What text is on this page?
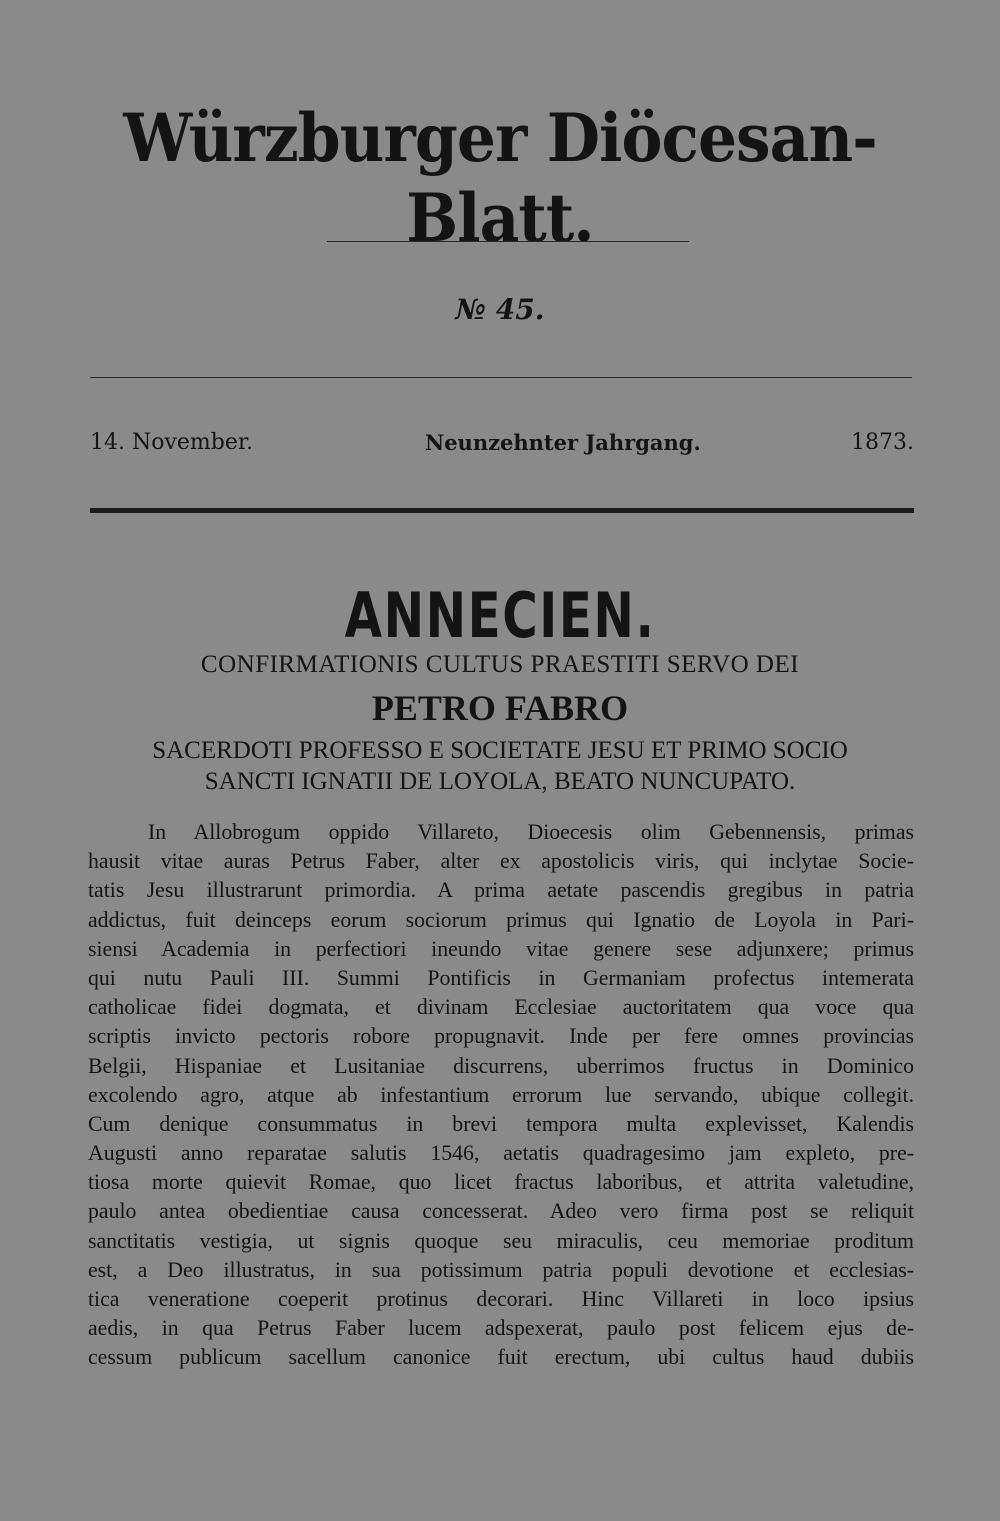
Würzburger Diöcesan-Blatt.
№ 45.
14. November.	Neunzehnter Jahrgang.	1873.
ANNECIEN.
CONFIRMATIONIS CULTUS PRAESTITI SERVO DEI
PETRO FABRO
SACERDOTI PROFESSO E SOCIETATE JESU ET PRIMO SOCIO
SANCTI IGNATII DE LOYOLA, BEATO NUNCUPATO.
In Allobrogum oppido Villareto, Dioecesis olim Gebennensis, primas
hausit vitae auras Petrus Faber, alter ex apostolicis viris, qui inclytae Socie-
tatis Jesu illustrarunt primordia. A prima aetate pascendis gregibus in patria
addictus, fuit deinceps eorum sociorum primus qui Ignatio de Loyola in Pari-
siensi Academia in perfectiori ineundo vitae genere sese adjunxere; primus
qui nutu Pauli III. Summi Pontificis in Germaniam profectus intemerata
catholicae fidei dogmata, et divinam Ecclesiae auctoritatem qua voce qua
scriptis invicto pectoris robore propugnavit. Inde per fere omnes provincias
Belgii, Hispaniae et Lusitaniae discurrens, uberrimos fructus in Dominico
excolendo agro, atque ab infestantium errorum lue servando, ubique collegit.
Cum denique consummatus in brevi tempora multa explevisset, Kalendis
Augusti anno reparatae salutis 1546, aetatis quadragesimo jam expleto, pre-
tiosa morte quievit Romae, quo licet fractus laboribus, et attrita valetudine,
paulo antea obedientiae causa concesserat. Adeo vero firma post se reliquit
sanctitatis vestigia, ut signis quoque seu miraculis, ceu memoriae proditum
est, a Deo illustratus, in sua potissimum patria populi devotione et ecclesias-
tica veneratione coeperit protinus decorari. Hinc Villareti in loco ipsius
aedis, in qua Petrus Faber lucem adspexerat, paulo post felicem ejus de-
cessum publicum sacellum canonice fuit erectum, ubi cultus haud dubiis
